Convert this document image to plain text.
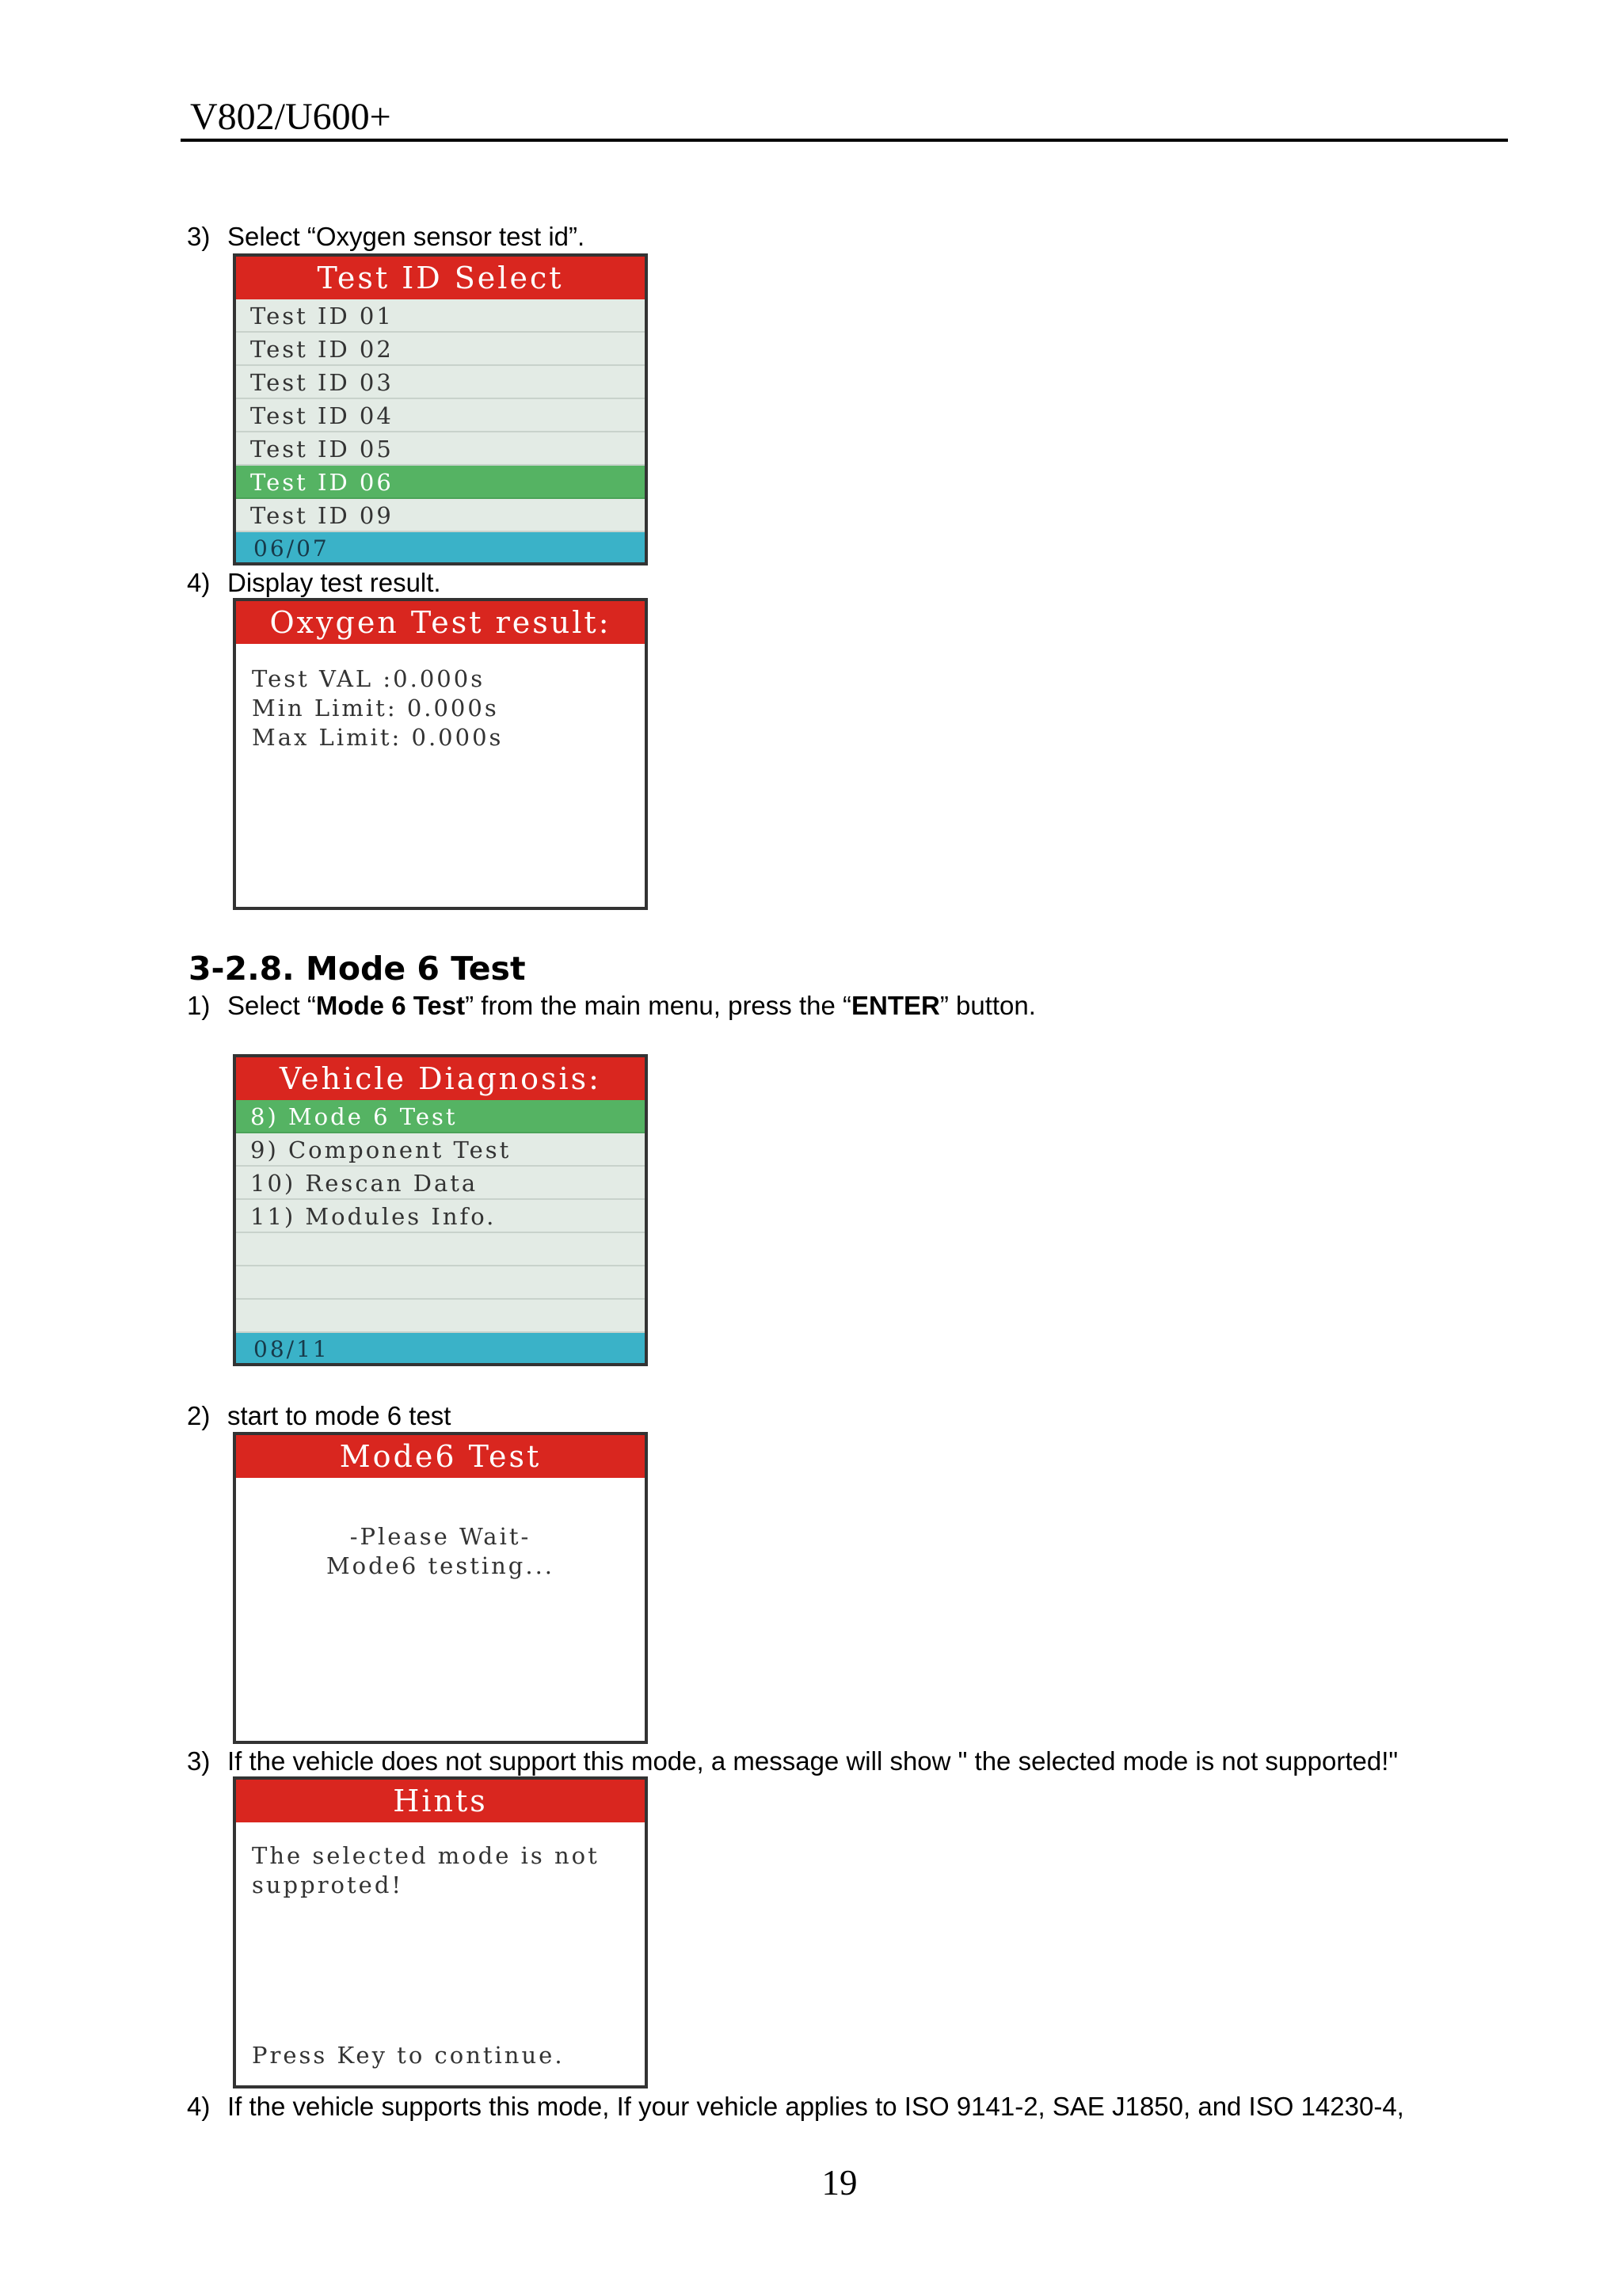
V802/U600+
3) Select “Oxygen sensor test id”.
Test ID Select
Test ID 01
Test ID 02
Test ID 03
Test ID 04
Test ID 05
Test ID 06
Test ID 09
06/07
4) Display test result.
Oxygen Test result:
Test VAL :0.000s
Min Limit: 0.000s
Max Limit: 0.000s
3-2.8. Mode 6 Test
1) Select “Mode 6 Test” from the main menu, press the “ENTER” button.
Vehicle Diagnosis:
8) Mode 6 Test
9) Component Test
10) Rescan Data
11) Modules Info.
08/11
2) start to mode 6 test
Mode6 Test
-Please Wait-
Mode6 testing...
3) If the vehicle does not support this mode, a message will show " the selected mode is not supported!"
Hints
The selected mode is not
supproted!
Press Key to continue.
4) If the vehicle supports this mode, If your vehicle applies to ISO 9141-2, SAE J1850, and ISO 14230-4,
19
